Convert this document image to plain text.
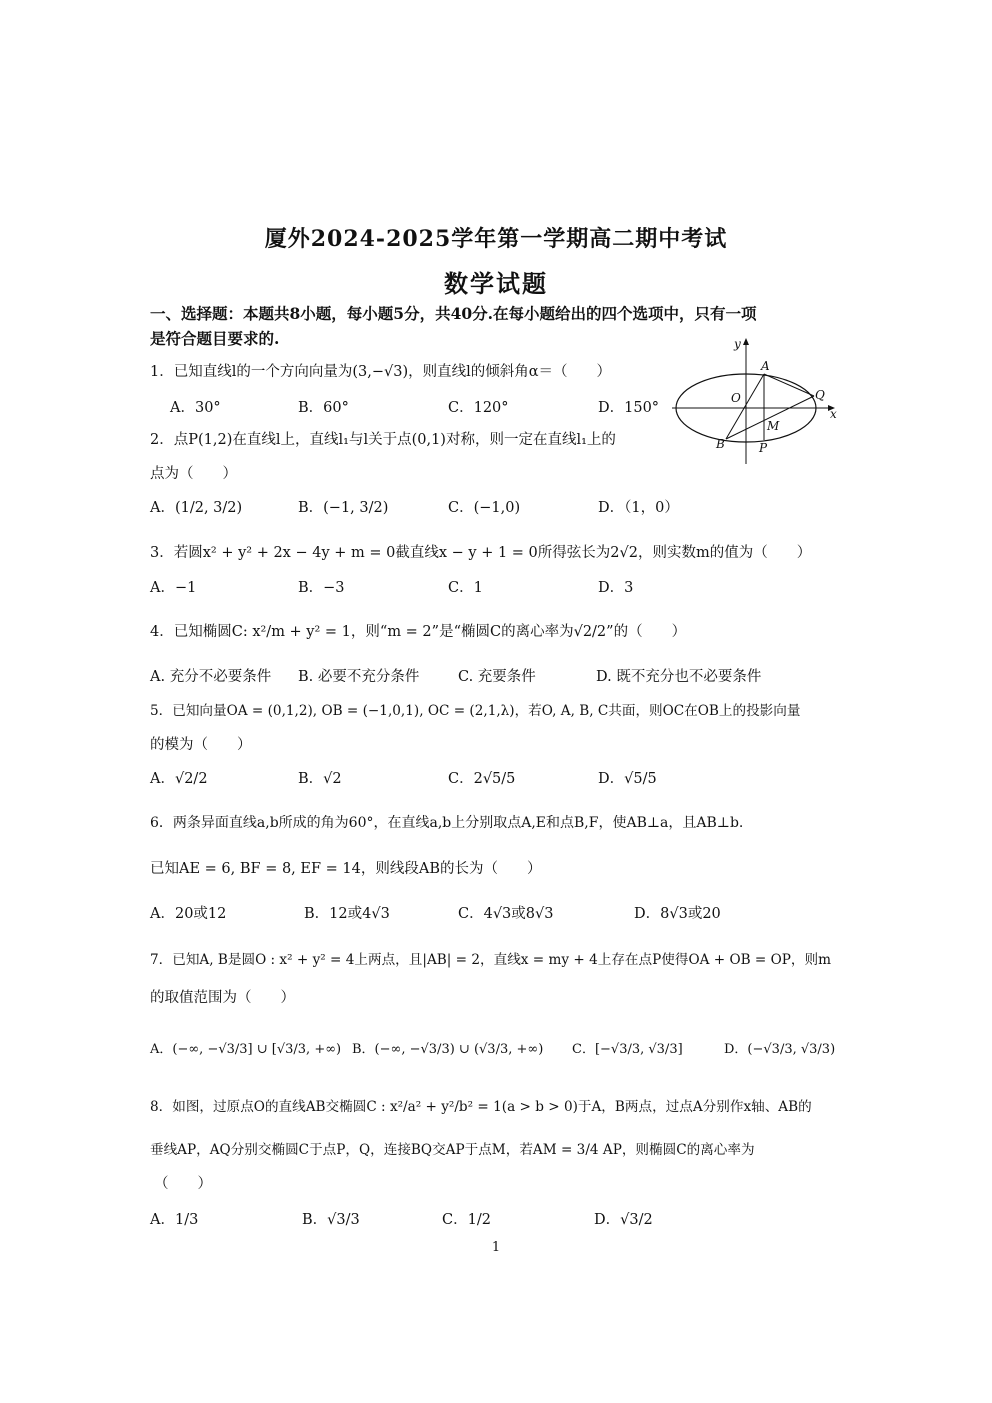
厦外2024-2025学年第一学期高二期中考试
数学试题
一、选择题：本题共8小题，每小题5分，共40分.在每小题给出的四个选项中，只有一项
是符合题目要求的.	y
x
A
O	Q
M
B	P
1．已知直线l的一个方向向量为(3,−√3)，则直线l的倾斜角α＝（　　）
A．30°	B．60°	C．120°	D．150°
2．点P(1,2)在直线l上，直线l₁与l关于点(0,1)对称，则一定在直线l₁上的
点为（　　）
A．(1/2, 3/2)	B．(−1, 3/2)	C．(−1,0)	D．（1，0）
3．若圆x² + y² + 2x − 4y + m = 0截直线x − y + 1 = 0所得弦长为2√2，则实数m的值为（　　）
A．−1	B．−3	C．1	D．3
4．已知椭圆C: x²/m + y² = 1，则“m = 2”是“椭圆C的离心率为√2/2”的（　　）
A. 充分不必要条件 B. 必要不充分条件	C. 充要条件	D. 既不充分也不必要条件
5．已知向量OA = (0,1,2), OB = (−1,0,1), OC = (2,1,λ)，若O, A, B, C共面，则OC在OB上的投影向量
的模为（　　）
A．√2/2	B．√2	C．2√5/5	D．√5/5
6．两条异面直线a,b所成的角为60°，在直线a,b上分别取点A,E和点B,F，使AB⊥a，且AB⊥b.
已知AE = 6, BF = 8, EF = 14，则线段AB的长为（　　）
A．20或12	B．12或4√3	C．4√3或8√3	D．8√3或20
7．已知A, B是圆O : x² + y² = 4上两点，且|AB| = 2，直线x = my + 4上存在点P使得OA + OB = OP，则m
的取值范围为（　　）
A．(−∞, −√3/3] ∪ [√3/3, +∞) B．(−∞, −√3/3) ∪ (√3/3, +∞) C．[−√3/3, √3/3]	D．(−√3/3, √3/3)
8．如图，过原点O的直线AB交椭圆C : x²/a² + y²/b² = 1(a > b > 0)于A，B两点，过点A分别作x轴、AB的
垂线AP，AQ分别交椭圆C于点P，Q，连接BQ交AP于点M，若AM = 3/4 AP，则椭圆C的离心率为
（　　）
A．1/3	B．√3/3	C．1/2	D．√3/2
1
